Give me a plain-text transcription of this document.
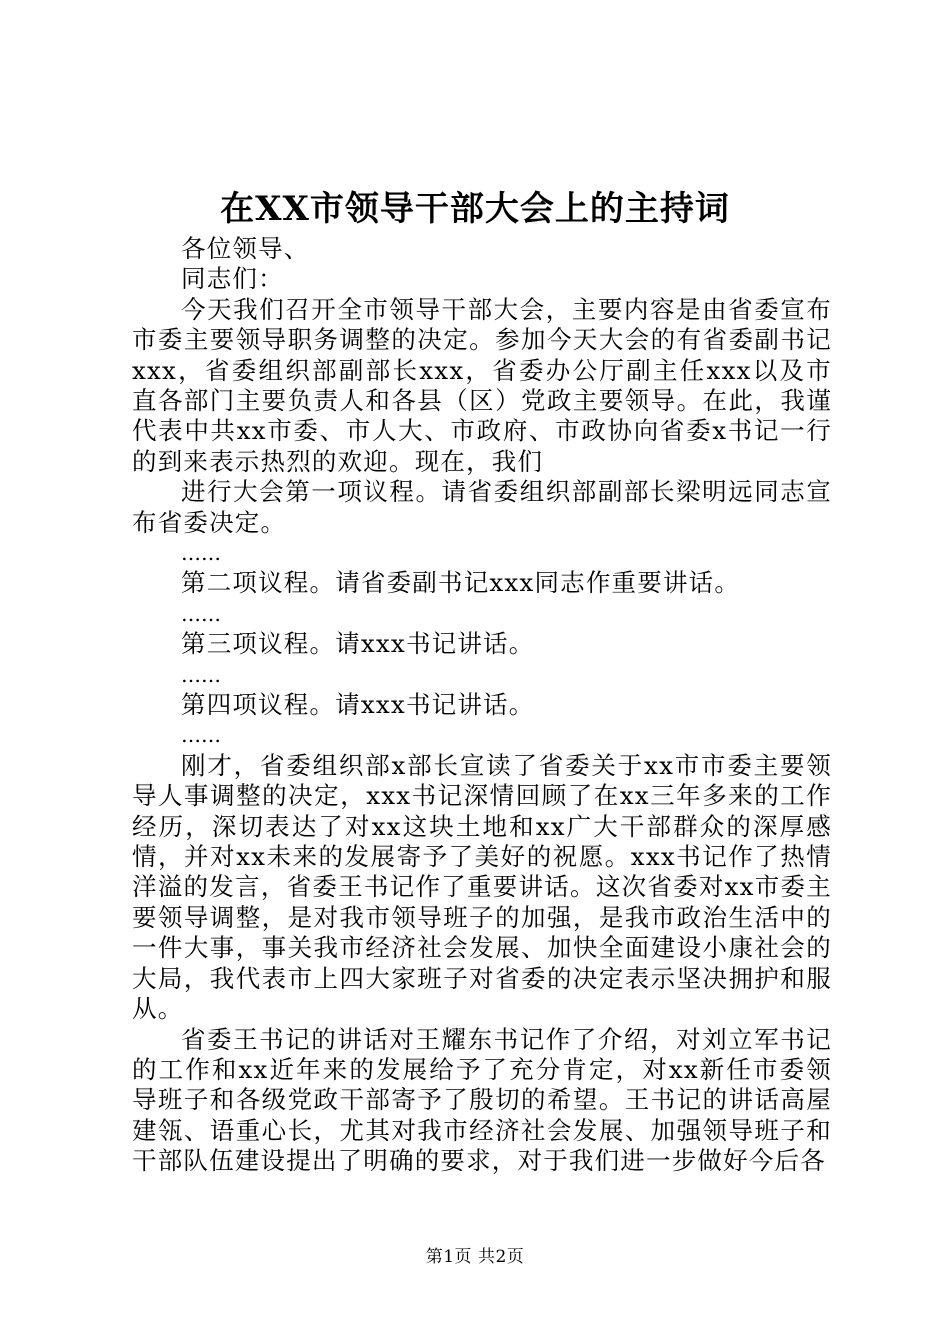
在XX市领导干部大会上的主持词

各位领导、

同志们：

今天我们召开全市领导干部大会，主要内容是由省委宣布市委主要领导职务调整的决定。参加今天大会的有省委副书记xxx，省委组织部副部长xxx，省委办公厅副主任xxx以及市直各部门主要负责人和各县（区）党政主要领导。在此，我谨代表中共xx市委、市人大、市政府、市政协向省委x书记一行的到来表示热烈的欢迎。现在，我们

进行大会第一项议程。请省委组织部副部长梁明远同志宣布省委决定。

……

第二项议程。请省委副书记xxx同志作重要讲话。

……

第三项议程。请xxx书记讲话。

……

第四项议程。请xxx书记讲话。

……

刚才，省委组织部x部长宣读了省委关于xx市市委主要领导人事调整的决定，xxx书记深情回顾了在xx三年多来的工作经历，深切表达了对xx这块土地和xx广大干部群众的深厚感情，并对xx未来的发展寄予了美好的祝愿。xxx书记作了热情洋溢的发言，省委王书记作了重要讲话。这次省委对xx市委主要领导调整，是对我市领导班子的加强，是我市政治生活中的一件大事，事关我市经济社会发展、加快全面建设小康社会的大局，我代表市上四大家班子对省委的决定表示坚决拥护和服从。

省委王书记的讲话对王耀东书记作了介绍，对刘立军书记的工作和xx近年来的发展给予了充分肯定，对xx新任市委领导班子和各级党政干部寄予了殷切的希望。王书记的讲话高屋建瓴、语重心长，尤其对我市经济社会发展、加强领导班子和干部队伍建设提出了明确的要求，对于我们进一步做好今后各

第1页 共2页
